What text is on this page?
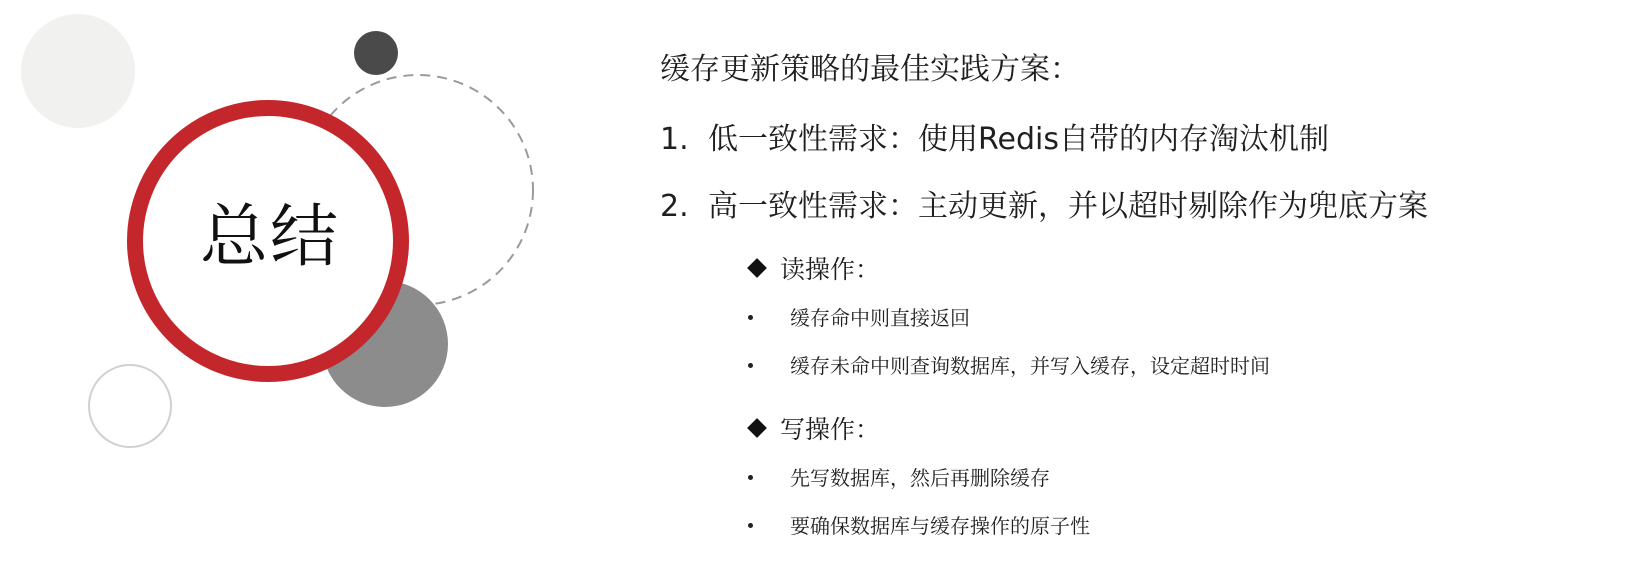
总结
缓存更新策略的最佳实践方案：
1. 低一致性需求：使用Redis自带的内存淘汰机制
2. 高一致性需求：主动更新，并以超时剔除作为兜底方案
读操作：
缓存命中则直接返回
缓存未命中则查询数据库，并写入缓存，设定超时时间
写操作：
先写数据库，然后再删除缓存
要确保数据库与缓存操作的原子性
